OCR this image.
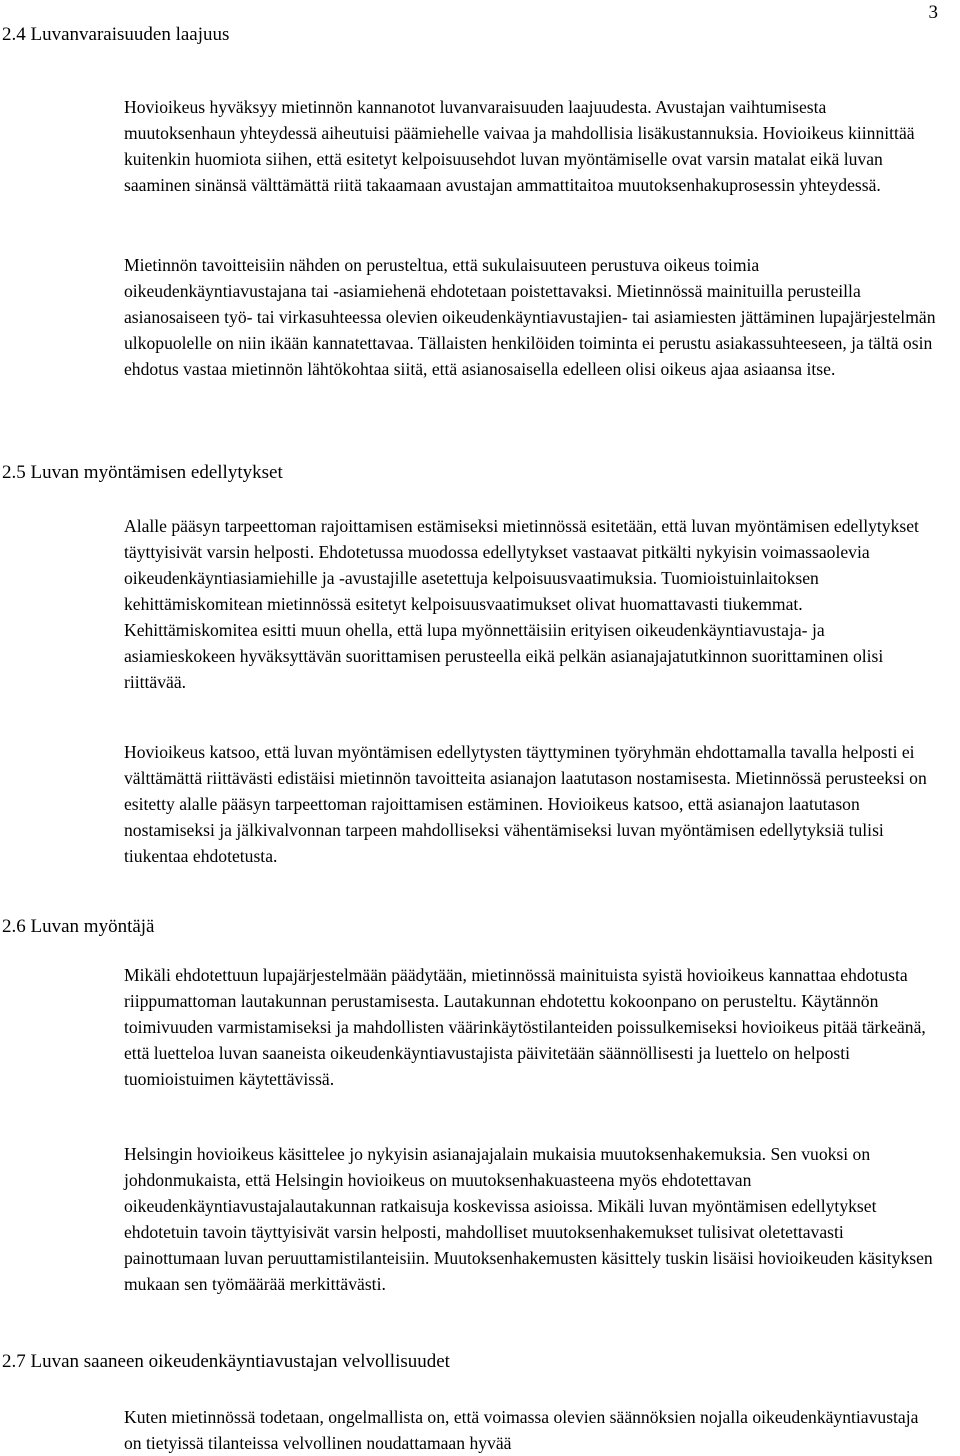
3
2.4 Luvanvaraisuuden laajuus

Hovioikeus hyväksyy mietinnön kannanotot luvanvaraisuuden laajuudesta. Avustajan vaihtumisesta muutoksenhaun yhteydessä aiheutuisi päämiehelle vaivaa ja mahdollisia lisäkustannuksia. Hovioikeus kiinnittää kuitenkin huomiota siihen, että esitetyt kelpoisuusehdot luvan myöntämiselle ovat varsin matalat eikä luvan saaminen sinänsä välttämättä riitä takaamaan avustajan ammattitaitoa muutoksenhakuprosessin yhteydessä.

Mietinnön tavoitteisiin nähden on perusteltua, että sukulaisuuteen perustuva oikeus toimia oikeudenkäyntiavustajana tai -asiamiehenä ehdotetaan poistettavaksi. Mietinnössä mainituilla perusteilla asianosaiseen työ- tai virkasuhteessa olevien oikeudenkäyntiavustajien- tai asiamiesten jättäminen lupajärjestelmän ulkopuolelle on niin ikään kannatettavaa. Tällaisten henkilöiden toiminta ei perustu asiakassuhteeseen, ja tältä osin ehdotus vastaa mietinnön lähtökohtaa siitä, että asianosaisella edelleen olisi oikeus ajaa asiaansa itse.

2.5 Luvan myöntämisen edellytykset

Alalle pääsyn tarpeettoman rajoittamisen estämiseksi mietinnössä esitetään, että luvan myöntämisen edellytykset täyttyisivät varsin helposti. Ehdotetussa muodossa edellytykset vastaavat pitkälti nykyisin voimassaolevia oikeudenkäyntiasiamiehille ja -avustajille asetettuja kelpoisuusvaatimuksia. Tuomioistuinlaitoksen kehittämiskomitean mietinnössä esitetyt kelpoisuusvaatimukset olivat huomattavasti tiukemmat. Kehittämiskomitea esitti muun ohella, että lupa myönnettäisiin erityisen oikeudenkäyntiavustaja- ja asiamieskokeen hyväksyttävän suorittamisen perusteella eikä pelkän asianajajatutkinnon suorittaminen olisi riittävää.

Hovioikeus katsoo, että luvan myöntämisen edellytysten täyttyminen työryhmän ehdottamalla tavalla helposti ei välttämättä riittävästi edistäisi mietinnön tavoitteita asianajon laatutason nostamisesta. Mietinnössä perusteeksi on esitetty alalle pääsyn tarpeettoman rajoittamisen estäminen. Hovioikeus katsoo, että asianajon laatutason nostamiseksi ja jälkivalvonnan tarpeen mahdolliseksi vähentämiseksi luvan myöntämisen edellytyksiä tulisi tiukentaa ehdotetusta.

2.6 Luvan myöntäjä

Mikäli ehdotettuun lupajärjestelmään päädytään, mietinnössä mainituista syistä hovioikeus kannattaa ehdotusta riippumattoman lautakunnan perustamisesta. Lautakunnan ehdotettu kokoonpano on perusteltu. Käytännön toimivuuden varmistamiseksi ja mahdollisten väärinkäytöstilanteiden poissulkemiseksi hovioikeus pitää tärkeänä, että luetteloa luvan saaneista oikeudenkäyntiavustajista päivitetään säännöllisesti ja luettelo on helposti tuomioistuimen käytettävissä.

Helsingin hovioikeus käsittelee jo nykyisin asianajajalain mukaisia muutoksenhakemuksia. Sen vuoksi on johdonmukaista, että Helsingin hovioikeus on muutoksenhakuasteena myös ehdotettavan oikeudenkäyntiavustajalautakunnan ratkaisuja koskevissa asioissa. Mikäli luvan myöntämisen edellytykset ehdotetuin tavoin täyttyisivät varsin helposti, mahdolliset muutoksenhakemukset tulisivat oletettavasti painottumaan luvan peruuttamistilanteisiin. Muutoksenhakemusten käsittely tuskin lisäisi hovioikeuden käsityksen mukaan sen työmäärää merkittävästi.

2.7 Luvan saaneen oikeudenkäyntiavustajan velvollisuudet

Kuten mietinnössä todetaan, ongelmallista on, että voimassa olevien säännöksien nojalla oikeudenkäyntiavustaja on tietyissä tilanteissa velvollinen noudattamaan hyvää
